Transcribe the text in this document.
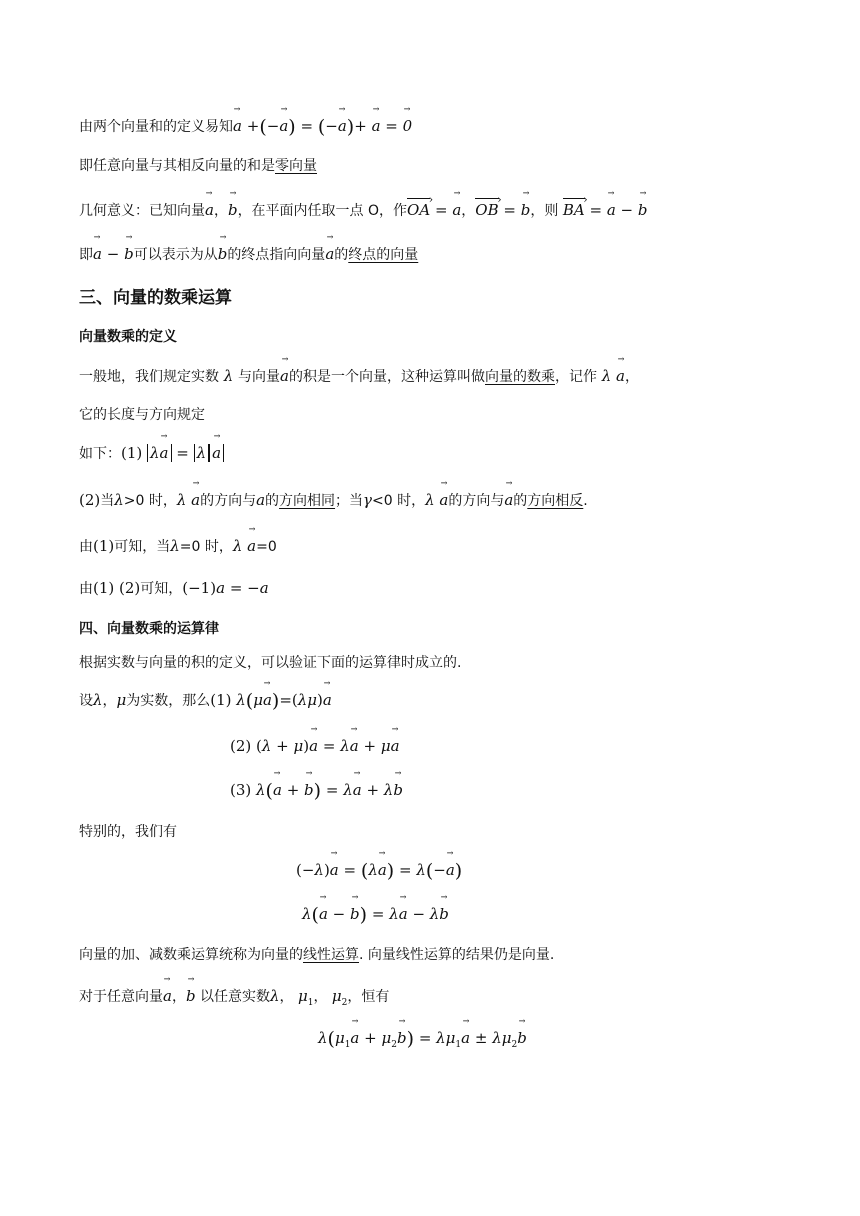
由两个向量和的定义易知→ a +(−→ a) = (−→ a)+ → a = → 0
即任意向量与其相反向量的和是零向量
几何意义：已知向量→ a，→ b，在平面内任取一点 O，作OA › = → a，OB › = → b，则 BA › = → a − → b
即→ a − → b可以表示为从→ b的终点指向向量→ a的终点的向量
三、向量的数乘运算
向量数乘的定义
一般地，我们规定实数 λ 与向量→ a的积是一个向量，这种运算叫做向量的数乘，记作 λ → a，
它的长度与方向规定
如下：(1) λ→ a = λ → a
(2)当λ>0 时，λ → a的方向与a的方向相同；当γ<0 时，λ → a的方向与→ a的方向相反.
由(1)可知，当λ=0 时，λ → a=0
由(1) (2)可知，(−1)a = −a
四、向量数乘的运算律
根据实数与向量的积的定义，可以验证下面的运算律时成立的.
设λ，μ为实数，那么(1) λ(μ→ a)=(λμ)→ a
(2) (λ + μ)→ a = λ→ a + μ→ a
(3) λ(→ a + → b) = λ→ a + λ→ b
特别的，我们有
(−λ)→ a = (λ→ a) = λ(−→ a)
λ(→ a − → b) = λ→ a − λ→ b
向量的加、减数乘运算统称为向量的线性运算. 向量线性运算的结果仍是向量.
对于任意向量→ a，→ b 以任意实数λ， $\mu_1$， $\mu_2$，恒有
$\lambda(\mu_1\to a + \mu_2\to b) = \lambda\mu_1\to a \pm \lambda\mu_2\to b$
